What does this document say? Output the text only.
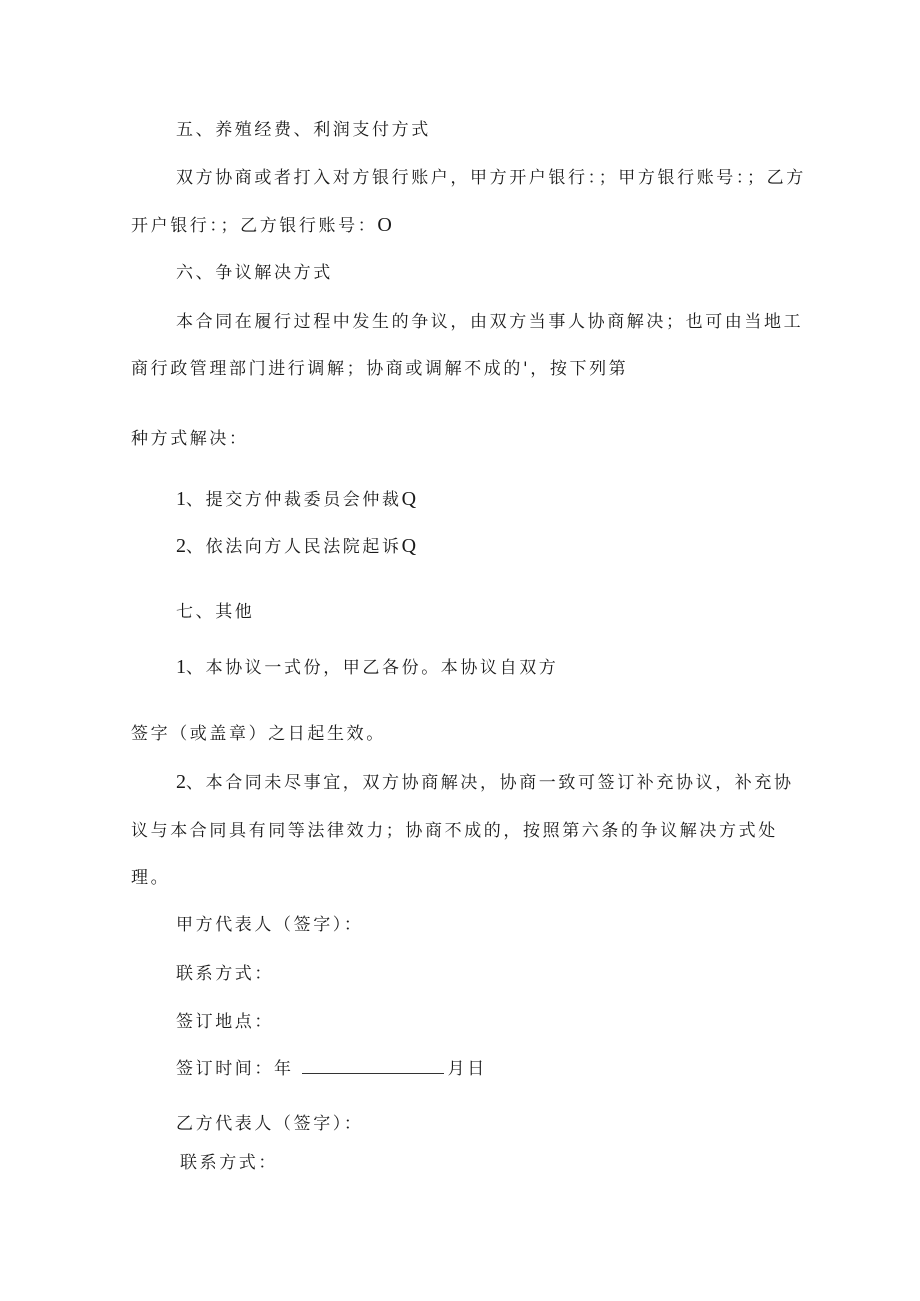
五、养殖经费、利润支付方式
双方协商或者打入对方银行账户，甲方开户银行：；甲方银行账号：；乙方
开户银行：；乙方银行账号：O
六、争议解决方式
本合同在履行过程中发生的争议，由双方当事人协商解决；也可由当地工
商行政管理部门进行调解；协商或调解不成的'，按下列第
种方式解决：
1、提交方仲裁委员会仲裁Q
2、依法向方人民法院起诉Q
七、其他
1、本协议一式份，甲乙各份。本协议自双方
签字（或盖章）之日起生效。
2、本合同未尽事宜，双方协商解决，协商一致可签订补充协议，补充协
议与本合同具有同等法律效力；协商不成的，按照第六条的争议解决方式处
理。
甲方代表人（签字）：
联系方式：
签订地点：
签订时间：年	月日
乙方代表人（签字）：
联系方式：
